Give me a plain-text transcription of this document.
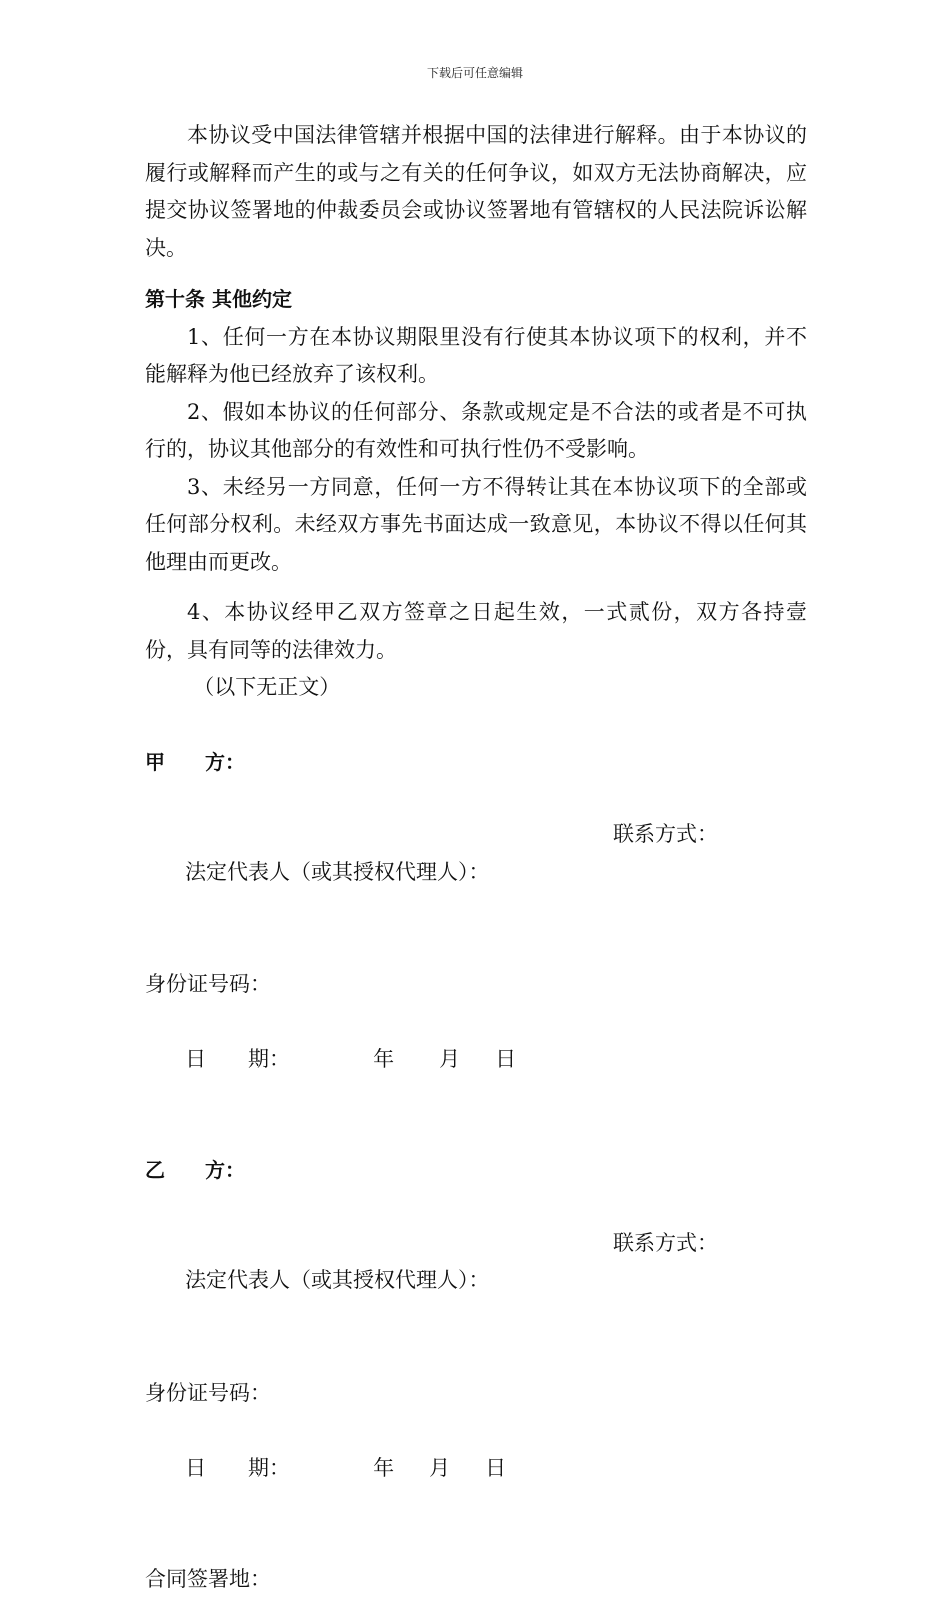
下载后可任意编辑

本协议受中国法律管辖并根据中国的法律进行解释。由于本协议的履行或解释而产生的或与之有关的任何争议，如双方无法协商解决，应提交协议签署地的仲裁委员会或协议签署地有管辖权的人民法院诉讼解决。

第十条 其他约定

1、任何一方在本协议期限里没有行使其本协议项下的权利，并不能解释为他已经放弃了该权利。

2、假如本协议的任何部分、条款或规定是不合法的或者是不可执行的，协议其他部分的有效性和可执行性仍不受影响。

3、未经另一方同意，任何一方不得转让其在本协议项下的全部或任何部分权利。未经双方事先书面达成一致意见，本协议不得以任何其他理由而更改。

4、本协议经甲乙双方签章之日起生效，一式贰份，双方各持壹份，具有同等的法律效力。

（以下无正文）

甲　　方：

法定代表人（或其授权代理人）：

联系方式：

身份证号码：

日　　期：	年 月 日

乙　　方：

法定代表人（或其授权代理人）：

联系方式：

身份证号码：

日　　期：	年 月 日

合同签署地：
